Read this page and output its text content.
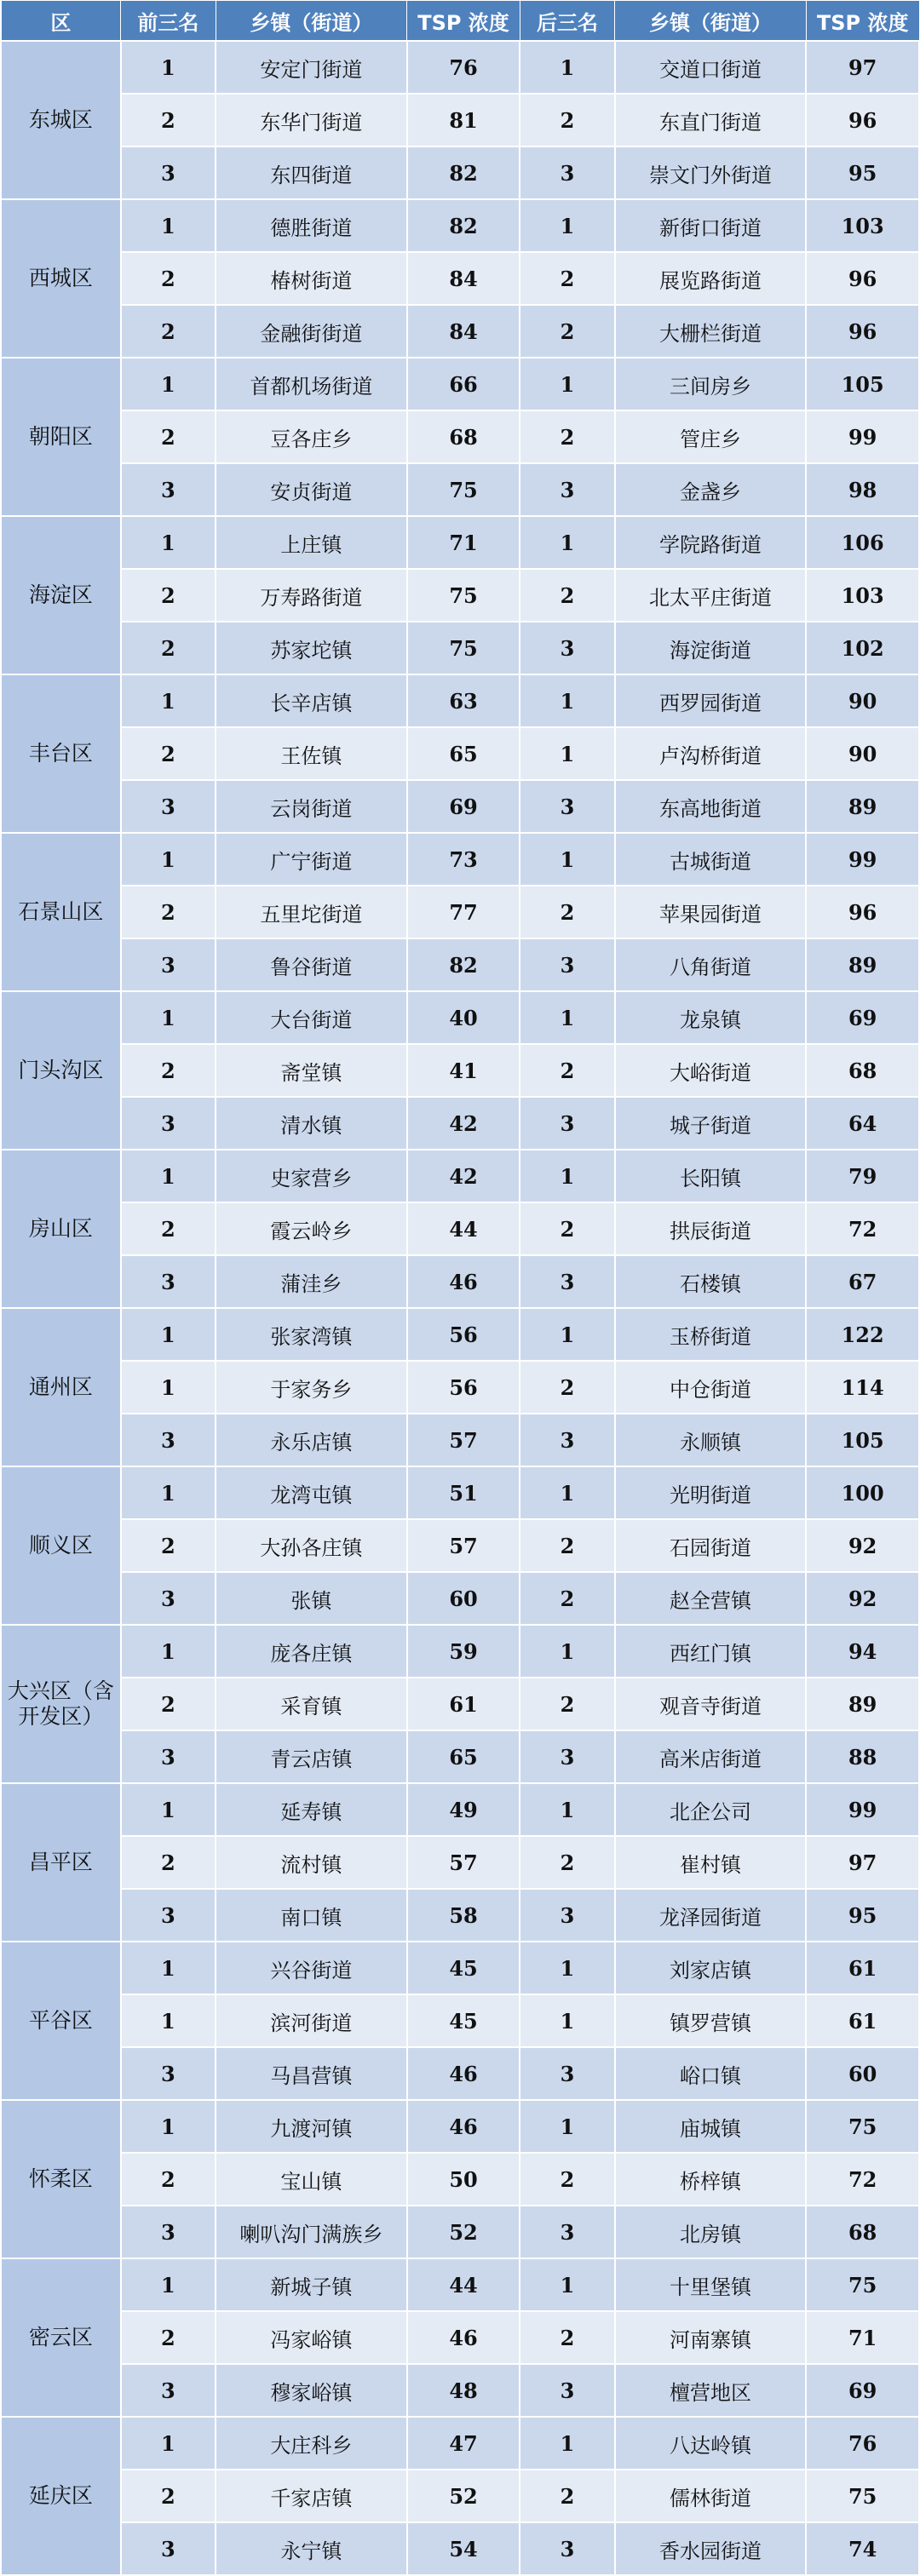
区	前三名	乡镇（街道）	TSP 浓度	后三名	乡镇（街道）	TSP 浓度
东城区	1	安定门街道	76	1	交道口街道	97
	2	东华门街道	81	2	东直门街道	96
	3	东四街道	82	3	崇文门外街道	95
西城区	1	德胜街道	82	1	新街口街道	103
	2	椿树街道	84	2	展览路街道	96
	2	金融街街道	84	2	大栅栏街道	96
朝阳区	1	首都机场街道	66	1	三间房乡	105
	2	豆各庄乡	68	2	管庄乡	99
	3	安贞街道	75	3	金盏乡	98
海淀区	1	上庄镇	71	1	学院路街道	106
	2	万寿路街道	75	2	北太平庄街道	103
	2	苏家坨镇	75	3	海淀街道	102
丰台区	1	长辛店镇	63	1	西罗园街道	90
	2	王佐镇	65	1	卢沟桥街道	90
	3	云岗街道	69	3	东高地街道	89
石景山区	1	广宁街道	73	1	古城街道	99
	2	五里坨街道	77	2	苹果园街道	96
	3	鲁谷街道	82	3	八角街道	89
门头沟区	1	大台街道	40	1	龙泉镇	69
	2	斋堂镇	41	2	大峪街道	68
	3	清水镇	42	3	城子街道	64
房山区	1	史家营乡	42	1	长阳镇	79
	2	霞云岭乡	44	2	拱辰街道	72
	3	蒲洼乡	46	3	石楼镇	67
通州区	1	张家湾镇	56	1	玉桥街道	122
	1	于家务乡	56	2	中仓街道	114
	3	永乐店镇	57	3	永顺镇	105
顺义区	1	龙湾屯镇	51	1	光明街道	100
	2	大孙各庄镇	57	2	石园街道	92
	3	张镇	60	2	赵全营镇	92
大兴区（含开发区）	1	庞各庄镇	59	1	西红门镇	94
	2	采育镇	61	2	观音寺街道	89
	3	青云店镇	65	3	高米店街道	88
昌平区	1	延寿镇	49	1	北企公司	99
	2	流村镇	57	2	崔村镇	97
	3	南口镇	58	3	龙泽园街道	95
平谷区	1	兴谷街道	45	1	刘家店镇	61
	1	滨河街道	45	1	镇罗营镇	61
	3	马昌营镇	46	3	峪口镇	60
怀柔区	1	九渡河镇	46	1	庙城镇	75
	2	宝山镇	50	2	桥梓镇	72
	3	喇叭沟门满族乡	52	3	北房镇	68
密云区	1	新城子镇	44	1	十里堡镇	75
	2	冯家峪镇	46	2	河南寨镇	71
	3	穆家峪镇	48	3	檀营地区	69
延庆区	1	大庄科乡	47	1	八达岭镇	76
	2	千家店镇	52	2	儒林街道	75
	3	永宁镇	54	3	香水园街道	74
